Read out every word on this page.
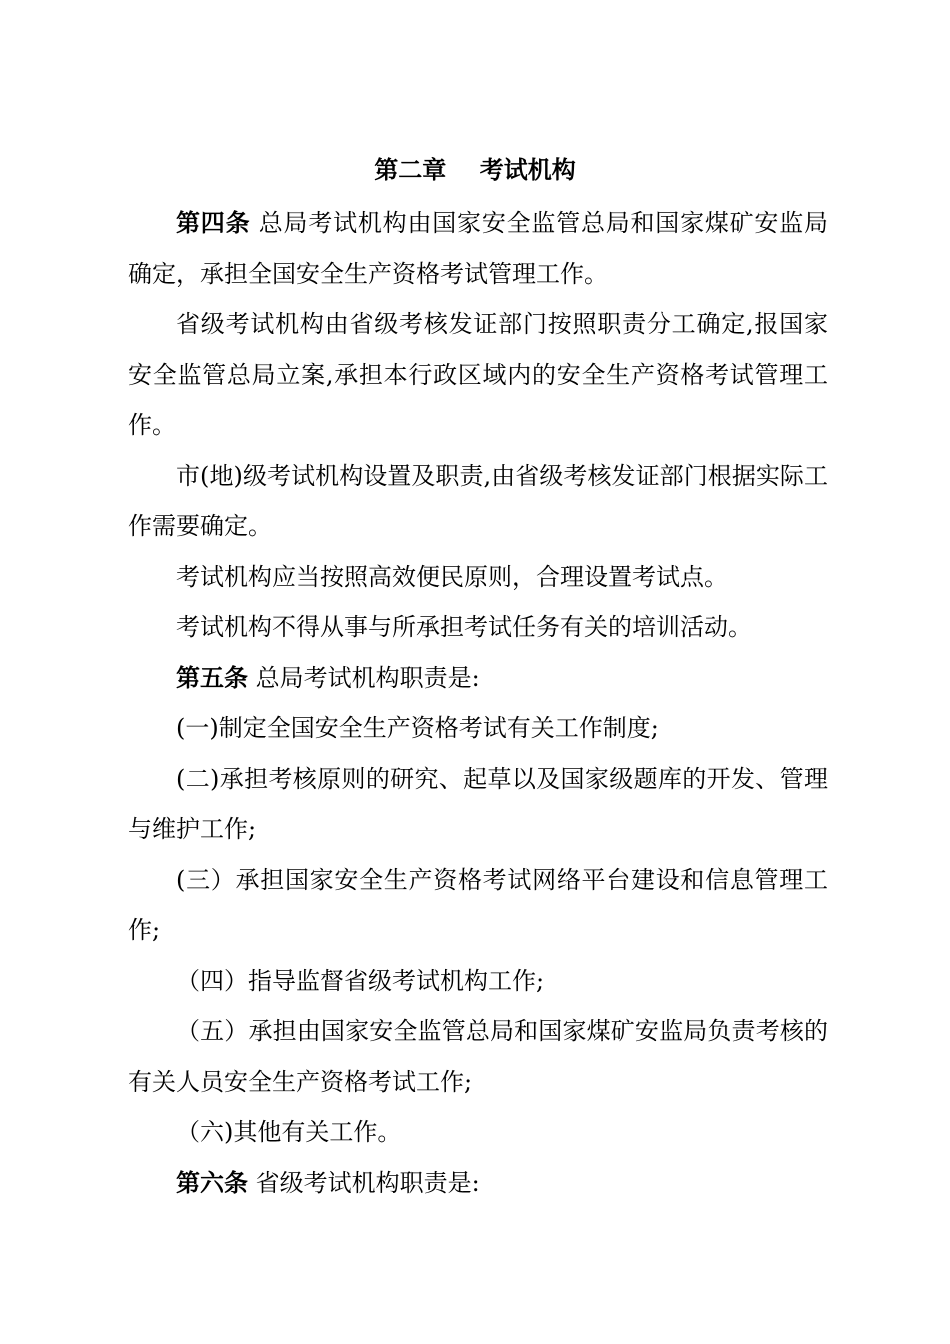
第二章    考试机构

第四条 总局考试机构由国家安全监管总局和国家煤矿安监局确定，承担全国安全生产资格考试管理工作。

省级考试机构由省级考核发证部门按照职责分工确定,报国家安全监管总局立案,承担本行政区域内的安全生产资格考试管理工作。

市(地)级考试机构设置及职责,由省级考核发证部门根据实际工作需要确定。

考试机构应当按照高效便民原则，合理设置考试点。

考试机构不得从事与所承担考试任务有关的培训活动。

第五条 总局考试机构职责是:

(一)制定全国安全生产资格考试有关工作制度;

(二)承担考核原则的研究、起草以及国家级题库的开发、管理与维护工作;

(三）承担国家安全生产资格考试网络平台建设和信息管理工作;

（四）指导监督省级考试机构工作;

（五）承担由国家安全监管总局和国家煤矿安监局负责考核的有关人员安全生产资格考试工作;

（六)其他有关工作。

第六条 省级考试机构职责是:
